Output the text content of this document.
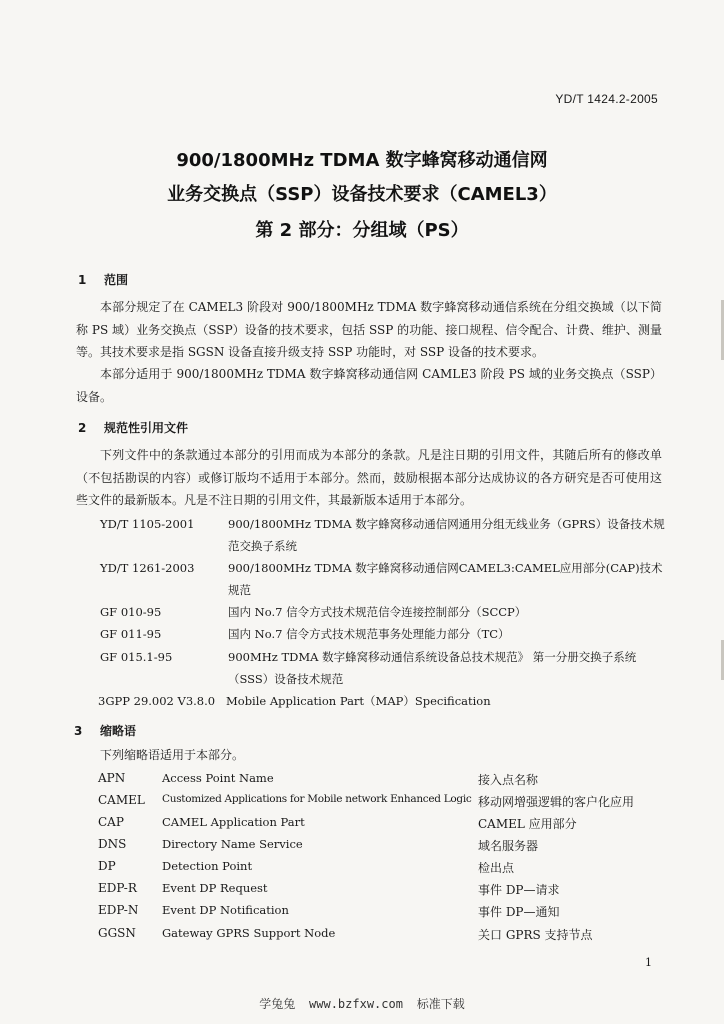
YD/T 1424.2-2005
900/1800MHz TDMA 数字蜂窝移动通信网
业务交换点（SSP）设备技术要求（CAMEL3）
第 2 部分：分组域（PS）
1 范围
本部分规定了在 CAMEL3 阶段对 900/1800MHz TDMA 数字蜂窝移动通信系统在分组交换域（以下简称 PS 域）业务交换点（SSP）设备的技术要求，包括 SSP 的功能、接口规程、信令配合、计费、维护、测量等。其技术要求是指 SGSN 设备直接升级支持 SSP 功能时，对 SSP 设备的技术要求。
本部分适用于 900/1800MHz TDMA 数字蜂窝移动通信网 CAMLE3 阶段 PS 域的业务交换点（SSP）设备。
2 规范性引用文件
下列文件中的条款通过本部分的引用而成为本部分的条款。凡是注日期的引用文件，其随后所有的修改单（不包括勘误的内容）或修订版均不适用于本部分。然而，鼓励根据本部分达成协议的各方研究是否可使用这些文件的最新版本。凡是不注日期的引用文件，其最新版本适用于本部分。
YD/T 1105-2001	900/1800MHz TDMA 数字蜂窝移动通信网通用分组无线业务（GPRS）设备技术规范交换子系统
YD/T 1261-2003	900/1800MHz TDMA 数字蜂窝移动通信网CAMEL3:CAMEL应用部分(CAP)技术规范
GF 010-95	国内 No.7 信令方式技术规范信令连接控制部分（SCCP）
GF 011-95	国内 No.7 信令方式技术规范事务处理能力部分（TC）
GF 015.1-95	900MHz TDMA 数字蜂窝移动通信系统设备总技术规范》 第一分册交换子系统（SSS）设备技术规范
3GPP 29.002 V3.8.0 Mobile Application Part（MAP）Specification
3 缩略语
下列缩略语适用于本部分。
APN	Access Point Name	接入点名称
CAMEL Customized Applications for Mobile network Enhanced Logic 移动网增强逻辑的客户化应用
CAP	CAMEL Application Part	CAMEL 应用部分
DNS	Directory Name Service	域名服务器
DP	Detection Point	检出点
EDP-R Event DP Request	事件 DP—请求
EDP-N Event DP Notification	事件 DP—通知
GGSN Gateway GPRS Support Node	关口 GPRS 支持节点
1
学兔兔 www.bzfxw.com 标准下载
